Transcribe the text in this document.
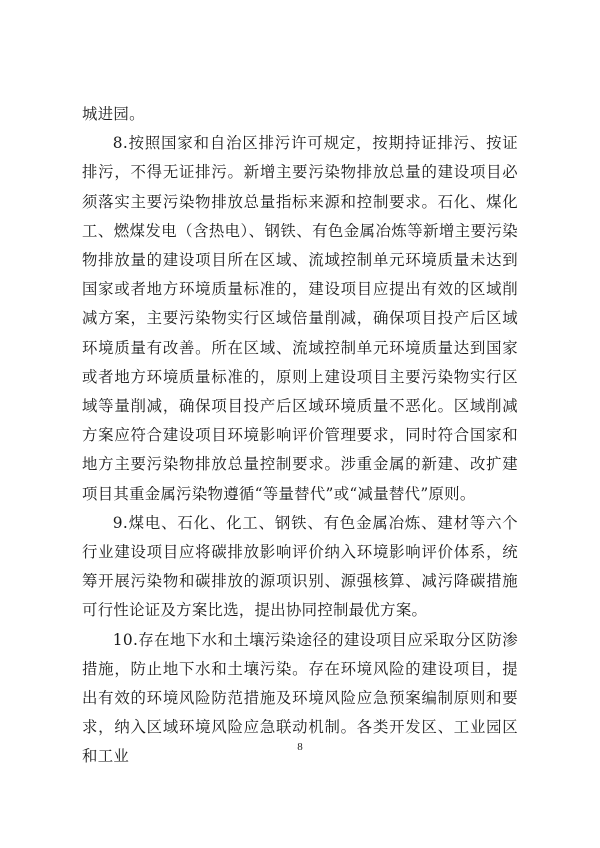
城进园。

8.按照国家和自治区排污许可规定，按期持证排污、按证排污，不得无证排污。新增主要污染物排放总量的建设项目必须落实主要污染物排放总量指标来源和控制要求。石化、煤化工、燃煤发电（含热电）、钢铁、有色金属冶炼等新增主要污染物排放量的建设项目所在区域、流域控制单元环境质量未达到国家或者地方环境质量标准的，建设项目应提出有效的区域削减方案，主要污染物实行区域倍量削减，确保项目投产后区域环境质量有改善。所在区域、流域控制单元环境质量达到国家或者地方环境质量标准的，原则上建设项目主要污染物实行区域等量削减，确保项目投产后区域环境质量不恶化。区域削减方案应符合建设项目环境影响评价管理要求，同时符合国家和地方主要污染物排放总量控制要求。涉重金属的新建、改扩建项目其重金属污染物遵循“等量替代”或“减量替代”原则。

9.煤电、石化、化工、钢铁、有色金属冶炼、建材等六个行业建设项目应将碳排放影响评价纳入环境影响评价体系，统筹开展污染物和碳排放的源项识别、源强核算、减污降碳措施可行性论证及方案比选，提出协同控制最优方案。

10.存在地下水和土壤污染途径的建设项目应采取分区防渗措施，防止地下水和土壤污染。存在环境风险的建设项目，提出有效的环境风险防范措施及环境风险应急预案编制原则和要求，纳入区域环境风险应急联动机制。各类开发区、工业园区和工业

8
